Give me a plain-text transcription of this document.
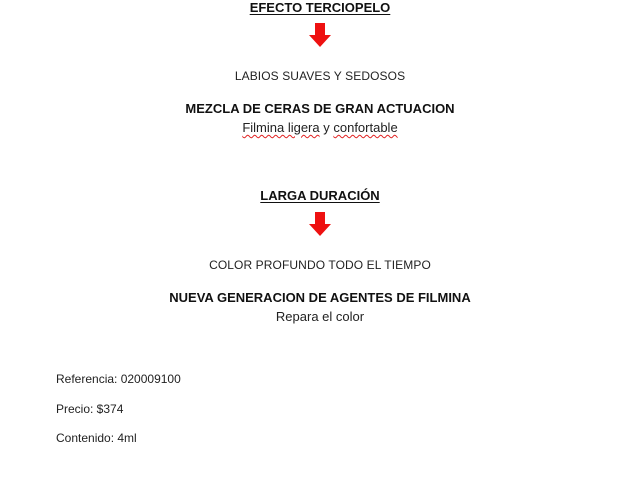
EFECTO TERCIOPELO
LABIOS SUAVES Y SEDOSOS
MEZCLA DE CERAS DE GRAN ACTUACION
Filmina ligera y confortable
LARGA DURACIÓN
COLOR PROFUNDO TODO EL TIEMPO
NUEVA GENERACION DE AGENTES DE FILMINA
Repara el color
Referencia: 020009100
Precio: $374
Contenido: 4ml
